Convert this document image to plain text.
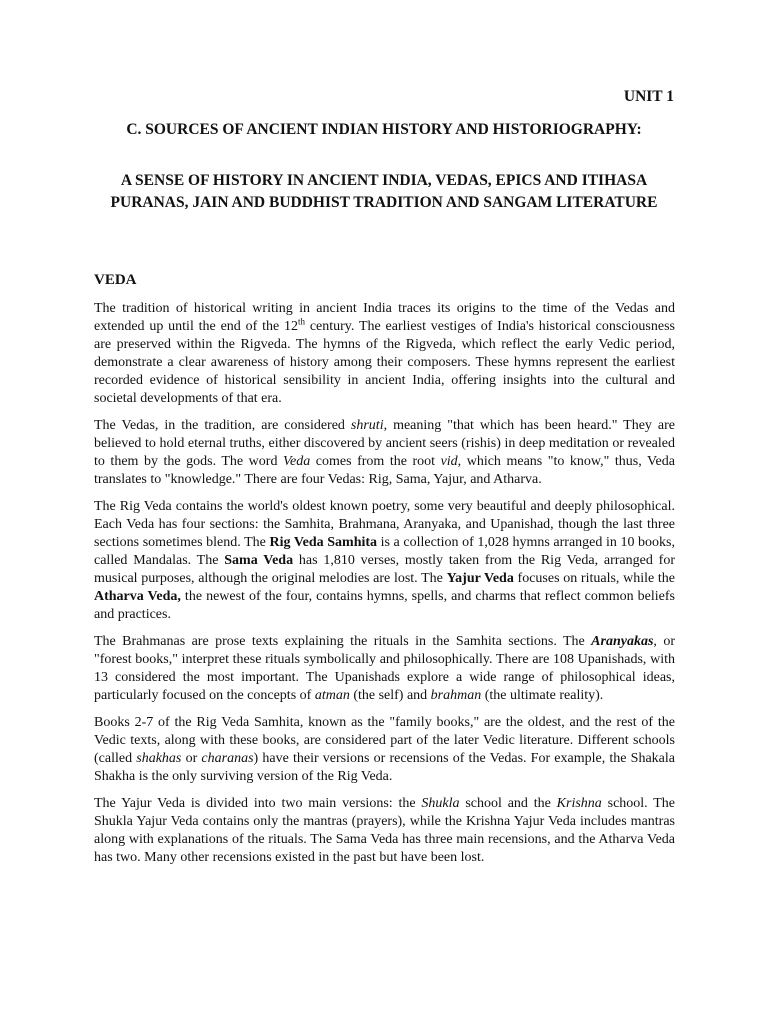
UNIT 1

C. SOURCES OF ANCIENT INDIAN HISTORY AND HISTORIOGRAPHY:

A SENSE OF HISTORY IN ANCIENT INDIA, VEDAS, EPICS AND ITIHASA PURANAS, JAIN AND BUDDHIST TRADITION AND SANGAM LITERATURE

VEDA

The tradition of historical writing in ancient India traces its origins to the time of the Vedas and extended up until the end of the 12th century. The earliest vestiges of India's historical consciousness are preserved within the Rigveda. The hymns of the Rigveda, which reflect the early Vedic period, demonstrate a clear awareness of history among their composers. These hymns represent the earliest recorded evidence of historical sensibility in ancient India, offering insights into the cultural and societal developments of that era.

The Vedas, in the tradition, are considered shruti, meaning "that which has been heard." They are believed to hold eternal truths, either discovered by ancient seers (rishis) in deep meditation or revealed to them by the gods. The word Veda comes from the root vid, which means "to know," thus, Veda translates to "knowledge." There are four Vedas: Rig, Sama, Yajur, and Atharva.

The Rig Veda contains the world's oldest known poetry, some very beautiful and deeply philosophical. Each Veda has four sections: the Samhita, Brahmana, Aranyaka, and Upanishad, though the last three sections sometimes blend. The Rig Veda Samhita is a collection of 1,028 hymns arranged in 10 books, called Mandalas. The Sama Veda has 1,810 verses, mostly taken from the Rig Veda, arranged for musical purposes, although the original melodies are lost. The Yajur Veda focuses on rituals, while the Atharva Veda, the newest of the four, contains hymns, spells, and charms that reflect common beliefs and practices.

The Brahmanas are prose texts explaining the rituals in the Samhita sections. The Aranyakas, or "forest books," interpret these rituals symbolically and philosophically. There are 108 Upanishads, with 13 considered the most important. The Upanishads explore a wide range of philosophical ideas, particularly focused on the concepts of atman (the self) and brahman (the ultimate reality).

Books 2-7 of the Rig Veda Samhita, known as the "family books," are the oldest, and the rest of the Vedic texts, along with these books, are considered part of the later Vedic literature. Different schools (called shakhas or charanas) have their versions or recensions of the Vedas. For example, the Shakala Shakha is the only surviving version of the Rig Veda.

The Yajur Veda is divided into two main versions: the Shukla school and the Krishna school. The Shukla Yajur Veda contains only the mantras (prayers), while the Krishna Yajur Veda includes mantras along with explanations of the rituals. The Sama Veda has three main recensions, and the Atharva Veda has two. Many other recensions existed in the past but have been lost.
